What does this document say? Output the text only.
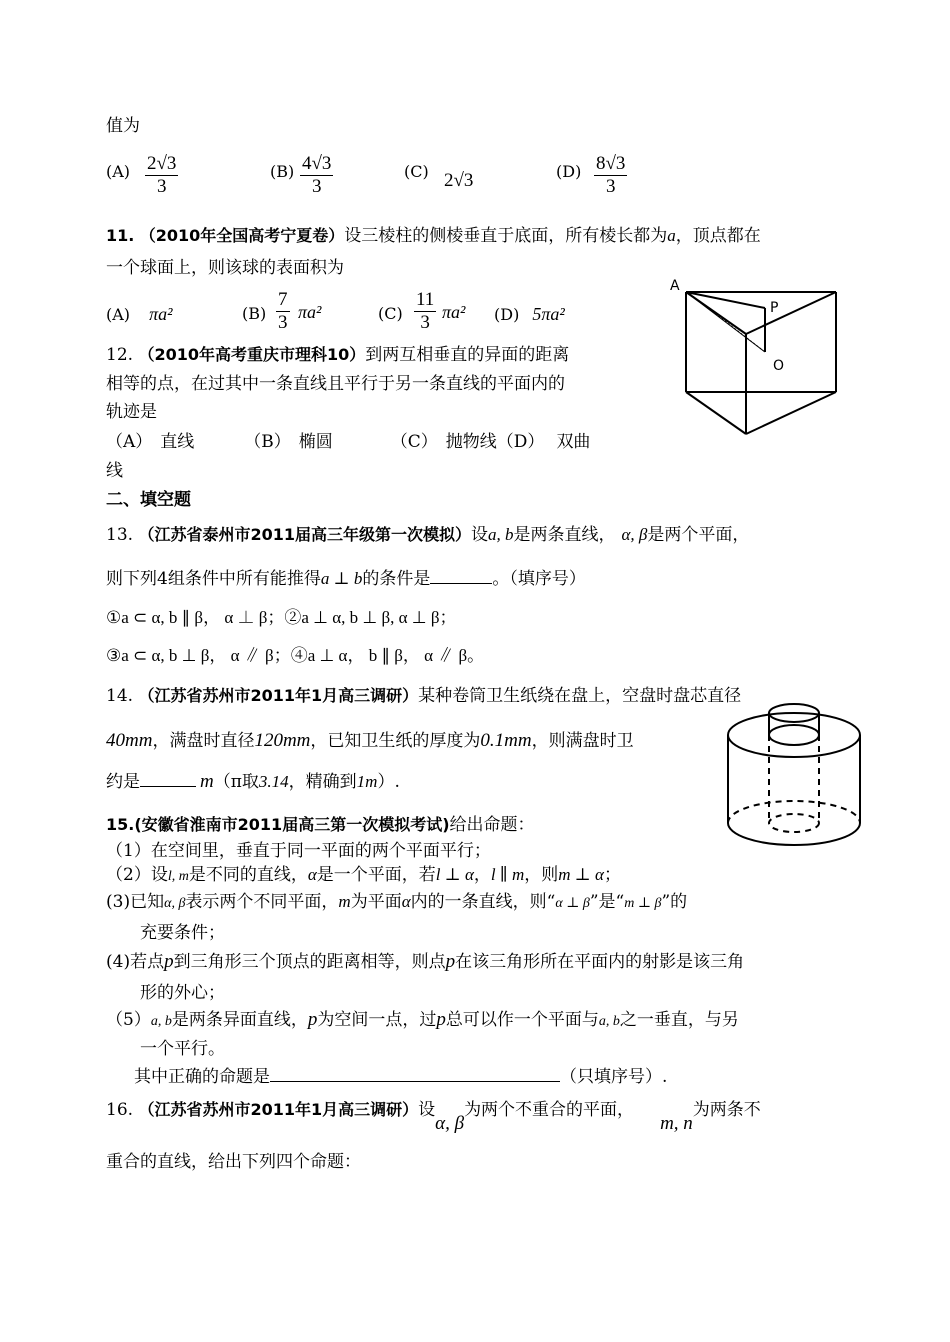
值为
$(A) \frac{2√3}{3}$	$(B) \frac{4√3}{3}$	(C) 2√3	$(D) \frac{8√3}{3}$
11. （2010年全国高考宁夏卷）设三棱柱的侧棱垂直于底面，所有棱长都为a，顶点都在
一个球面上，则该球的表面积为
(A) πa²	$(B) \frac{7}{3} \pi a^2$	$(C) \frac{11}{3} \pi a^2$ (D) 5πa²
12. （2010年高考重庆市理科10）到两互相垂直的异面的距离
相等的点，在过其中一条直线且平行于另一条直线的平面内的
轨迹是
（A） 直线	（B） 椭圆	（C） 抛物线（D） 双曲
线
二、填空题
13. （江苏省泰州市2011届高三年级第一次模拟）设a, b是两条直线， α, β是两个平面，
则下列4组条件中所有能推得a ⊥ b的条件是	。（填序号）
①a ⊂ α, b ∥ β， α ⊥ β；②a ⊥ α, b ⊥ β, α ⊥ β；
③a ⊂ α, b ⊥ β， α ∥ β；④a ⊥ α， b ∥ β， α ∥ β。
14. （江苏省苏州市2011年1月高三调研）某种卷筒卫生纸绕在盘上，空盘时盘芯直径
40mm，满盘时直径120mm，已知卫生纸的厚度为0.1mm，则满盘时卫
约是	m（π取3.14，精确到1m）.
15.(安徽省淮南市2011届高三第一次模拟考试)给出命题：
（1）在空间里，垂直于同一平面的两个平面平行；
（2）设l, m是不同的直线，α是一个平面，若l ⊥ α，l ∥ m，则m ⊥ α；
(3)已知α, β表示两个不同平面，m为平面α内的一条直线，则“α ⊥ β”是“m ⊥ β”的
充要条件；
(4)若点p到三角形三个顶点的距离相等，则点p在该三角形所在平面内的射影是该三角
形的外心；
（5）a, b是两条异面直线，p为空间一点，过p总可以作一个平面与a, b之一垂直，与另
一个平行。
其中正确的命题是	（只填序号）.
16. （江苏省苏州市2011年1月高三调研）设α, β为两个不重合的平面，m, n为两条不
重合的直线，给出下列四个命题：
A
P
O
